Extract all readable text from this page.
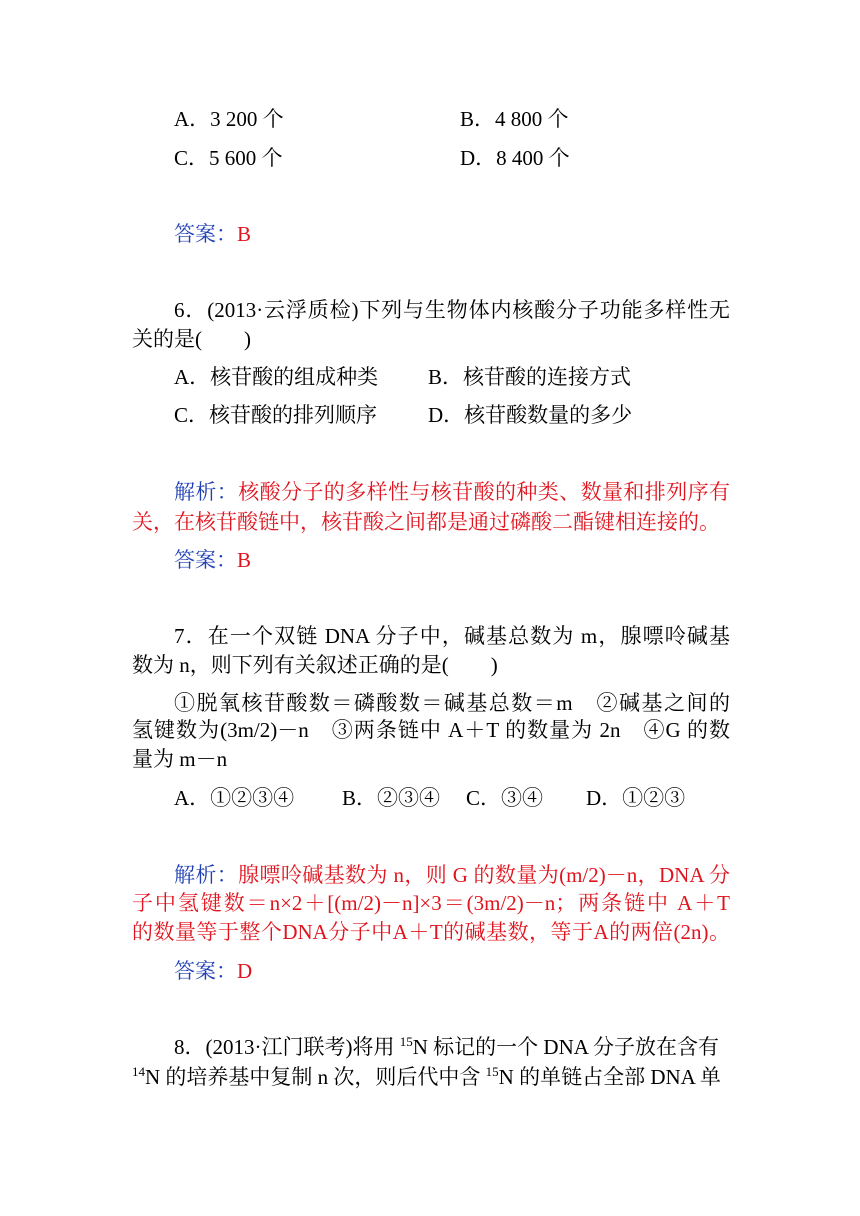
A．3 200 个	B．4 800 个
C．5 600 个	D．8 400 个
答案：B
6．(2013·云浮质检)下列与生物体内核酸分子功能多样性无
关的是(　　)
A．核苷酸的组成种类 B．核苷酸的连接方式
C．核苷酸的排列顺序 D．核苷酸数量的多少
解析：核酸分子的多样性与核苷酸的种类、数量和排列序有
关，在核苷酸链中，核苷酸之间都是通过磷酸二酯键相连接的。
答案：B
7．在一个双链 DNA 分子中，碱基总数为 m，腺嘌呤碱基
数为 n，则下列有关叙述正确的是(　　)
①脱氧核苷酸数＝磷酸数＝碱基总数＝m　②碱基之间的
氢键数为(3m/2)－n　③两条链中 A＋T 的数量为 2n　④G 的数
量为 m－n
A．①②③④ B．②③④ C．③④ D．①②③
解析：腺嘌呤碱基数为 n，则 G 的数量为(m/2)－n，DNA 分
子中氢键数＝n×2＋[(m/2)－n]×3＝(3m/2)－n；两条链中 A＋T
的数量等于整个DNA分子中A＋T的碱基数，等于A的两倍(2n)。
答案：D
8．(2013·江门联考)将用 $^{15}$N 标记的一个 DNA 分子放在含有
$^{14}$N 的培养基中复制 n 次，则后代中含 $^{15}$N 的单链占全部 DNA 单
